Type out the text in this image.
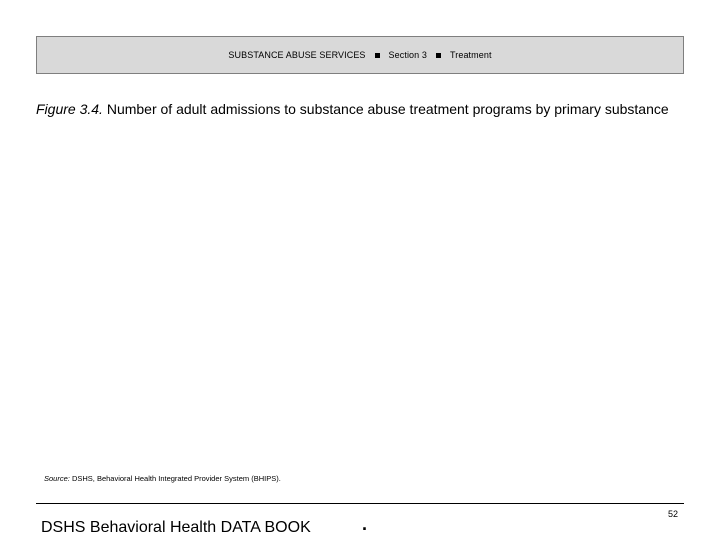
SUBSTANCE ABUSE SERVICES	Section 3	Treatment
Figure 3.4. Number of adult admissions to substance abuse treatment programs by primary substance
Source: DSHS, Behavioral Health Integrated Provider System (BHIPS).
52
DSHS Behavioral Health DATA BOOK	.
